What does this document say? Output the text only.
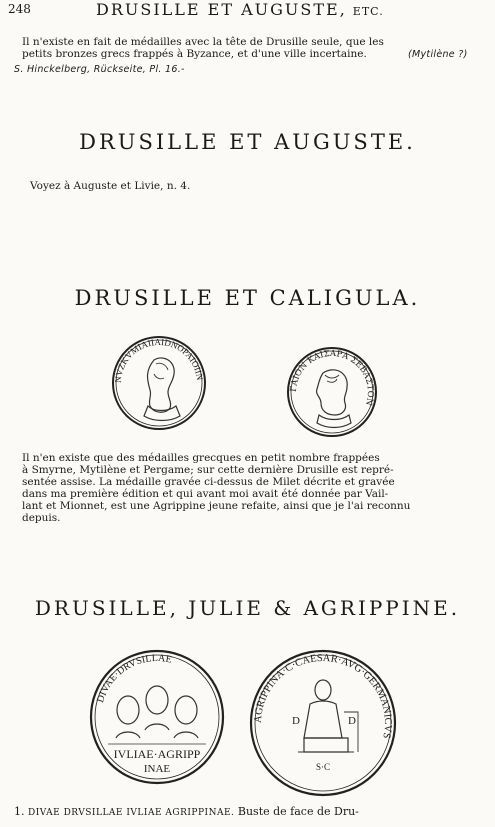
248	DRUSILLE ET AUGUSTE, ETC.
Il n'existe en fait de médailles avec la tête de Drusille seule, que les
petits bronzes grecs frappés à Byzance, et d'une ville incertaine.	(Mytilène ?)
S. Hinckelberg, Rückseite, Pl. 16.-
DRUSILLE ET AUGUSTE.
Voyez à Auguste et Livie, n. 4.
DRUSILLE ET CALIGULA.
NVZKVMIAIIAIDNOPAIOIIN
ΓΑΙΟΝ ΚΑΙΣΑΡΑ ΣΕΒΑΣΤΟΝ
Il n'en existe que des médailles grecques en petit nombre frappées
à Smyrne, Mytilène et Pergame; sur cette dernière Drusille est repré-
sentée assise. La médaille gravée ci-dessus de Milet décrite et gravée
dans ma première édition et qui avant moi avait été donnée par Vail-
lant et Mionnet, est une Agrippine jeune refaite, ainsi que je l'ai reconnu
depuis.
DRUSILLE, JULIE & AGRIPPINE.
DIVAE·DRVSILLAE
IVLIAE·AGRIPP
INAE
AGRIPPINA·C·CAESAR·AVG·GERMANICVS
D	D
S·C
1. DIVAE DRVSILLAE IVLIAE AGRIPPINAE. Buste de face de Dru-
